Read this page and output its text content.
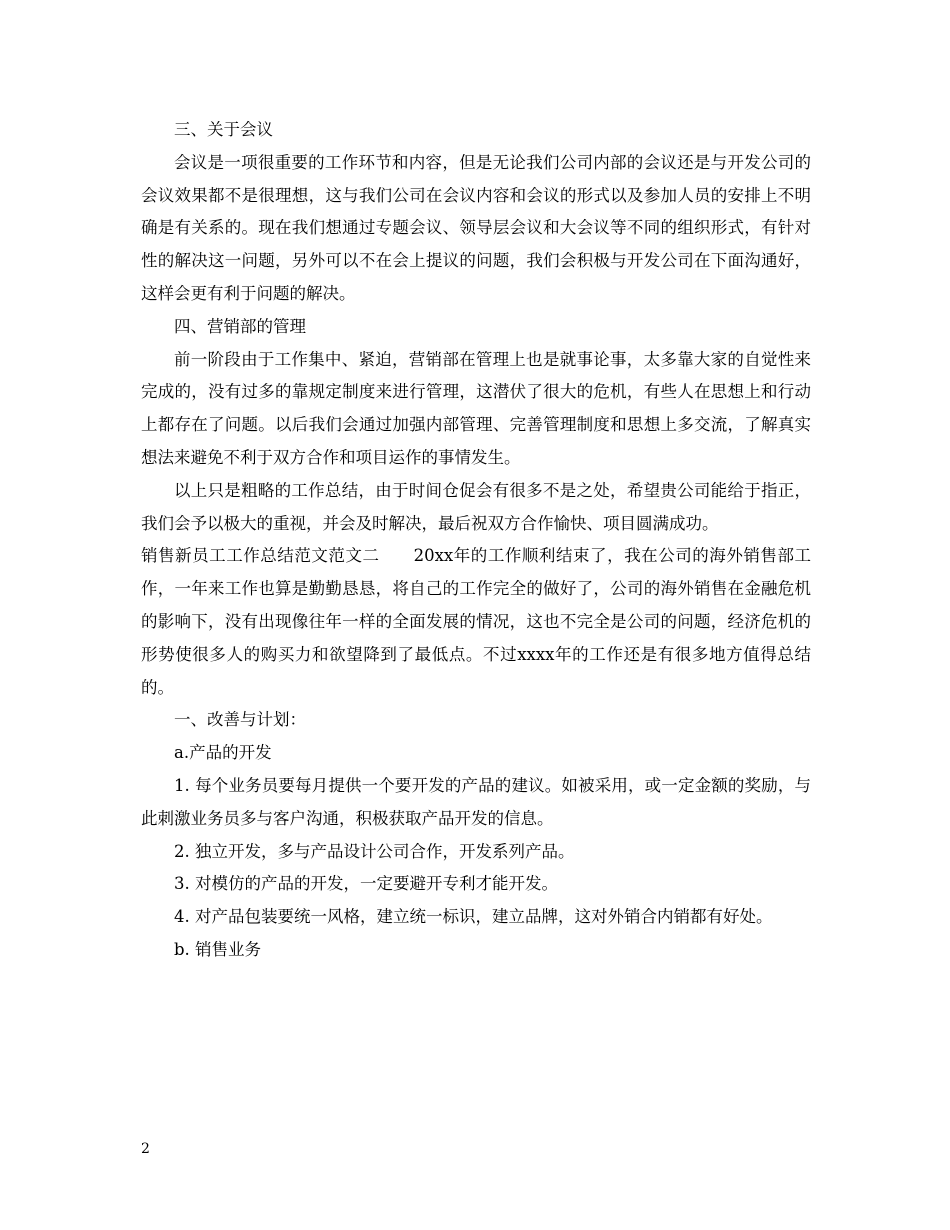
三、关于会议

会议是一项很重要的工作环节和内容，但是无论我们公司内部的会议还是与开发公司的会议效果都不是很理想，这与我们公司在会议内容和会议的形式以及参加人员的安排上不明确是有关系的。现在我们想通过专题会议、领导层会议和大会议等不同的组织形式，有针对性的解决这一问题，另外可以不在会上提议的问题，我们会积极与开发公司在下面沟通好，这样会更有利于问题的解决。

四、营销部的管理

前一阶段由于工作集中、紧迫，营销部在管理上也是就事论事，太多靠大家的自觉性来完成的，没有过多的靠规定制度来进行管理，这潜伏了很大的危机，有些人在思想上和行动上都存在了问题。以后我们会通过加强内部管理、完善管理制度和思想上多交流，了解真实想法来避免不利于双方合作和项目运作的事情发生。

以上只是粗略的工作总结，由于时间仓促会有很多不是之处，希望贵公司能给于指正，我们会予以极大的重视，并会及时解决，最后祝双方合作愉快、项目圆满成功。

销售新员工工作总结范文范文二　　20xx年的工作顺利结束了，我在公司的海外销售部工作，一年来工作也算是勤勤恳恳，将自己的工作完全的做好了，公司的海外销售在金融危机的影响下，没有出现像往年一样的全面发展的情况，这也不完全是公司的问题，经济危机的形势使很多人的购买力和欲望降到了最低点。不过xxxx年的工作还是有很多地方值得总结的。

一、改善与计划：

a.产品的开发

1. 每个业务员要每月提供一个要开发的产品的建议。如被采用，或一定金额的奖励，与此刺激业务员多与客户沟通，积极获取产品开发的信息。

2. 独立开发，多与产品设计公司合作，开发系列产品。

3. 对模仿的产品的开发，一定要避开专利才能开发。

4. 对产品包装要统一风格，建立统一标识，建立品牌，这对外销合内销都有好处。

b. 销售业务

2
